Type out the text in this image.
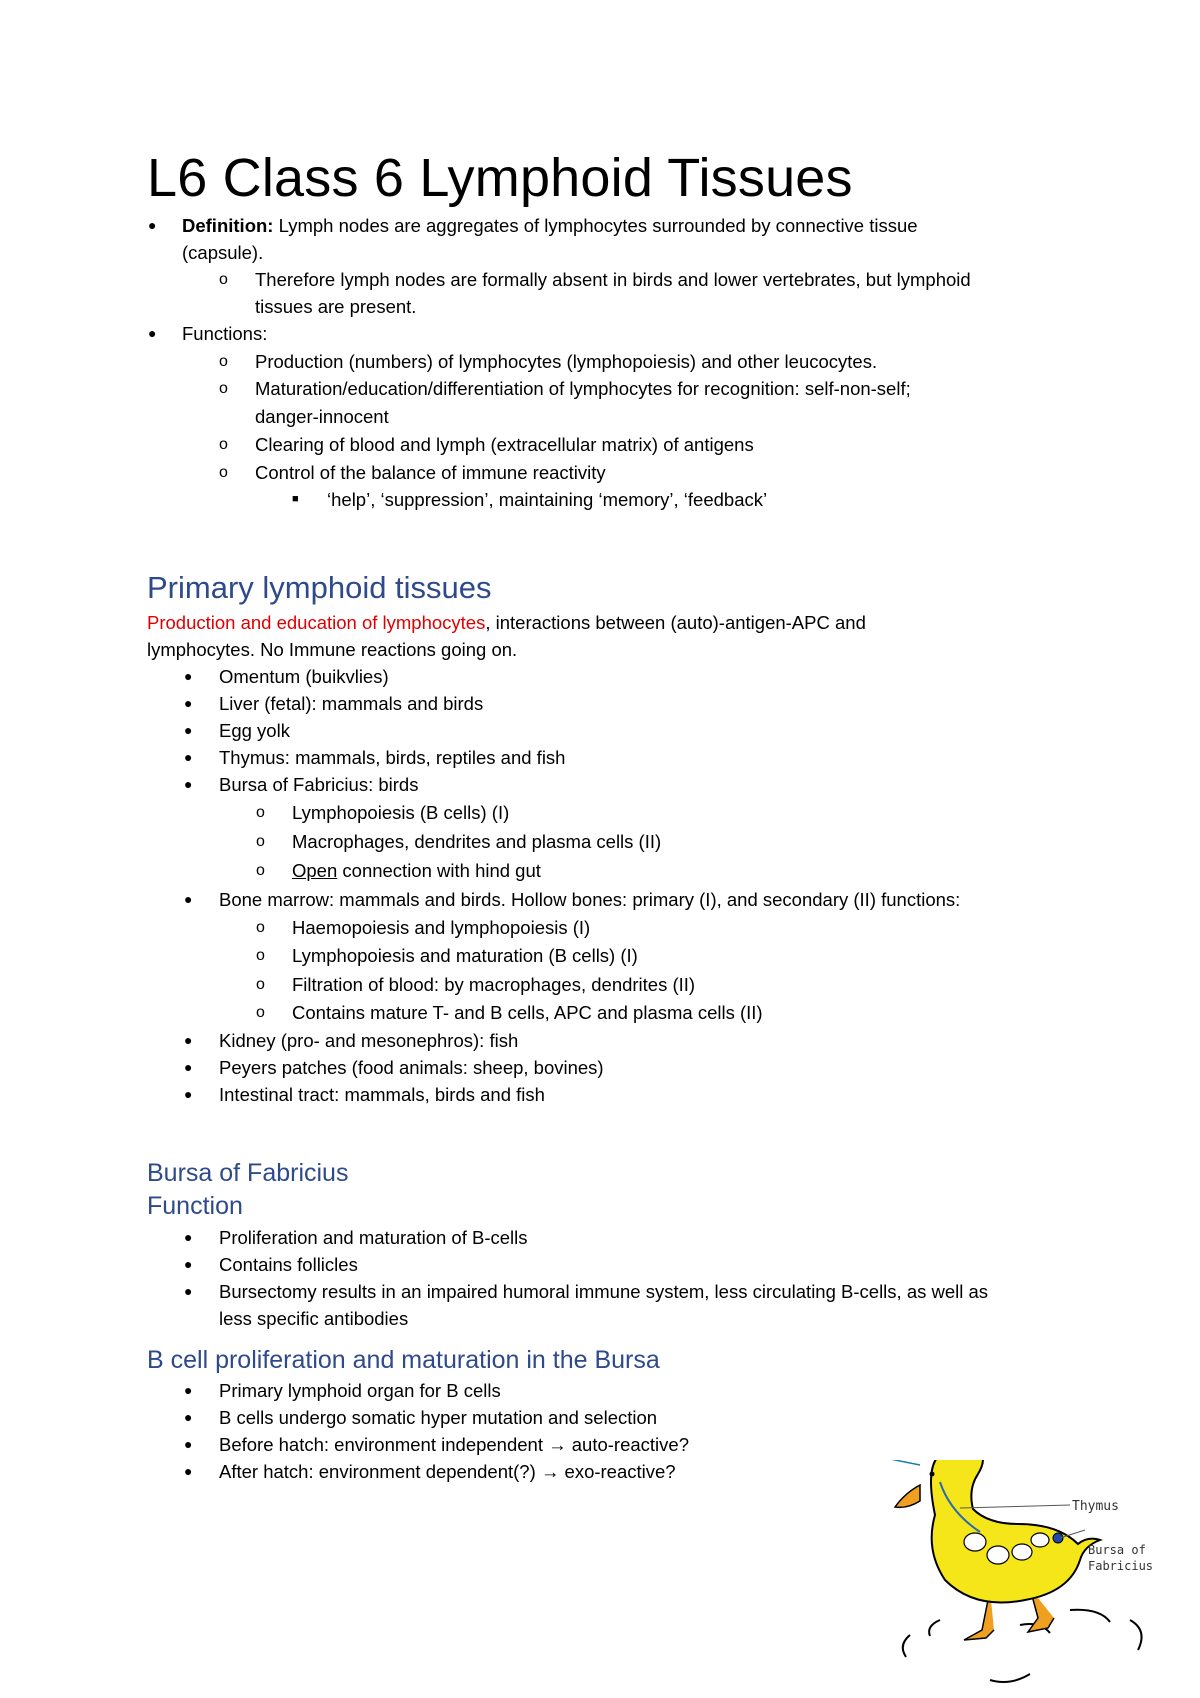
L6 Class 6 Lymphoid Tissues
● Definition: Lymph nodes are aggregates of lymphocytes surrounded by connective tissue
(capsule).
o Therefore lymph nodes are formally absent in birds and lower vertebrates, but lymphoid
tissues are present.
● Functions:
o Production (numbers) of lymphocytes (lymphopoiesis) and other leucocytes.
o Maturation/education/differentiation of lymphocytes for recognition: self-non-self;
danger-innocent
o Clearing of blood and lymph (extracellular matrix) of antigens
o Control of the balance of immune reactivity
■ ‘help’, ‘suppression’, maintaining ‘memory’, ‘feedback’
Primary lymphoid tissues
Production and education of lymphocytes, interactions between (auto)-antigen-APC and
lymphocytes. No Immune reactions going on.
● Omentum (buikvlies)
● Liver (fetal): mammals and birds
● Egg yolk
● Thymus: mammals, birds, reptiles and fish
● Bursa of Fabricius: birds
o Lymphopoiesis (B cells) (I)
o Macrophages, dendrites and plasma cells (II)
o Open connection with hind gut
● Bone marrow: mammals and birds. Hollow bones: primary (I), and secondary (II) functions:
o Haemopoiesis and lymphopoiesis (I)
o Lymphopoiesis and maturation (B cells) (I)
o Filtration of blood: by macrophages, dendrites (II)
o Contains mature T- and B cells, APC and plasma cells (II)
● Kidney (pro- and mesonephros): fish
● Peyers patches (food animals: sheep, bovines)
● Intestinal tract: mammals, birds and fish
Bursa of Fabricius
Function
● Proliferation and maturation of B-cells
● Contains follicles
● Bursectomy results in an impaired humoral immune system, less circulating B-cells, as well as
less specific antibodies
B cell proliferation and maturation in the Bursa
● Primary lymphoid organ for B cells
● B cells undergo somatic hyper mutation and selection
● Before hatch: environment independent → auto-reactive?
● After hatch: environment dependent(?) → exo-reactive?
Thymus
Bursa of
Fabricius
